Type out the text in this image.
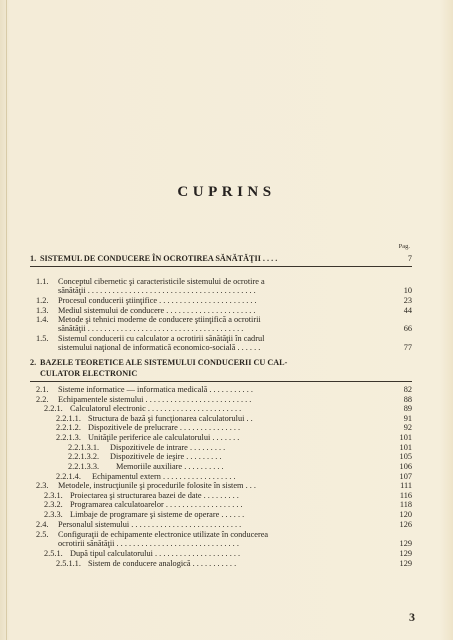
CUPRINS
Pag.
1. SISTEMUL DE CONDUCERE ÎN OCROTIREA SĂNĂTĂŢII . . . .	7
1.1. Conceptul cibernetic şi caracteristicile sistemului de ocrotire a
sănătăţii . . . . . . . . . . . . . . . . . . . . . . . . . . . . . . . . . . . . . . . . .	10
1.2. Procesul conducerii ştiinţifice . . . . . . . . . . . . . . . . . . . . . . . .	23
1.3. Mediul sistemului de conducere . . . . . . . . . . . . . . . . . . . . . .	44
1.4. Metode şi tehnici moderne de conducere ştiinţifică a ocrotirii
sănătăţii . . . . . . . . . . . . . . . . . . . . . . . . . . . . . . . . . . . . . .	66
1.5. Sistemul conducerii cu calculator a ocrotirii sănătăţii în cadrul
sistemului naţional de informatică economico-socială . . . . . .	77
2. BAZELE TEORETICE ALE SISTEMULUI CONDUCERII CU CAL-
CULATOR ELECTRONIC
2.1. Sisteme informatice — informatica medicală . . . . . . . . . . .	82
2.2. Echipamentele sistemului . . . . . . . . . . . . . . . . . . . . . . . . . .	88
2.2.1. Calculatorul electronic . . . . . . . . . . . . . . . . . . . . . . .	89
2.2.1.1. Structura de bază şi funcţionarea calculatorului . .	91
2.2.1.2. Dispozitivele de prelucrare . . . . . . . . . . . . . . .	92
2.2.1.3. Unităţile periferice ale calculatorului . . . . . . .	101
2.2.1.3.1. Dispozitivele de intrare . . . . . . . . .	101
2.2.1.3.2. Dispozitivele de ieşire . . . . . . . . .	105
2.2.1.3.3. Memoriile auxiliare . . . . . . . . . .	106
2.2.1.4. Echipamentul extern . . . . . . . . . . . . . . . . . .	107
2.3. Metodele, instrucţiunile şi procedurile folosite în sistem . . .	111
2.3.1. Proiectarea şi structurarea bazei de date . . . . . . . . .	116
2.3.2. Programarea calculatoarelor . . . . . . . . . . . . . . . . . . .	118
2.3.3. Limbaje de programare şi sisteme de operare . . . . . .	120
2.4. Personalul sistemului . . . . . . . . . . . . . . . . . . . . . . . . . . .	126
2.5. Configuraţii de echipamente electronice utilizate în conducerea
ocrotirii sănătăţii . . . . . . . . . . . . . . . . . . . . . . . . . . . . . .	129
2.5.1. După tipul calculatorului . . . . . . . . . . . . . . . . . . . . .	129
2.5.1.1. Sistem de conducere analogică . . . . . . . . . . .	129
3
